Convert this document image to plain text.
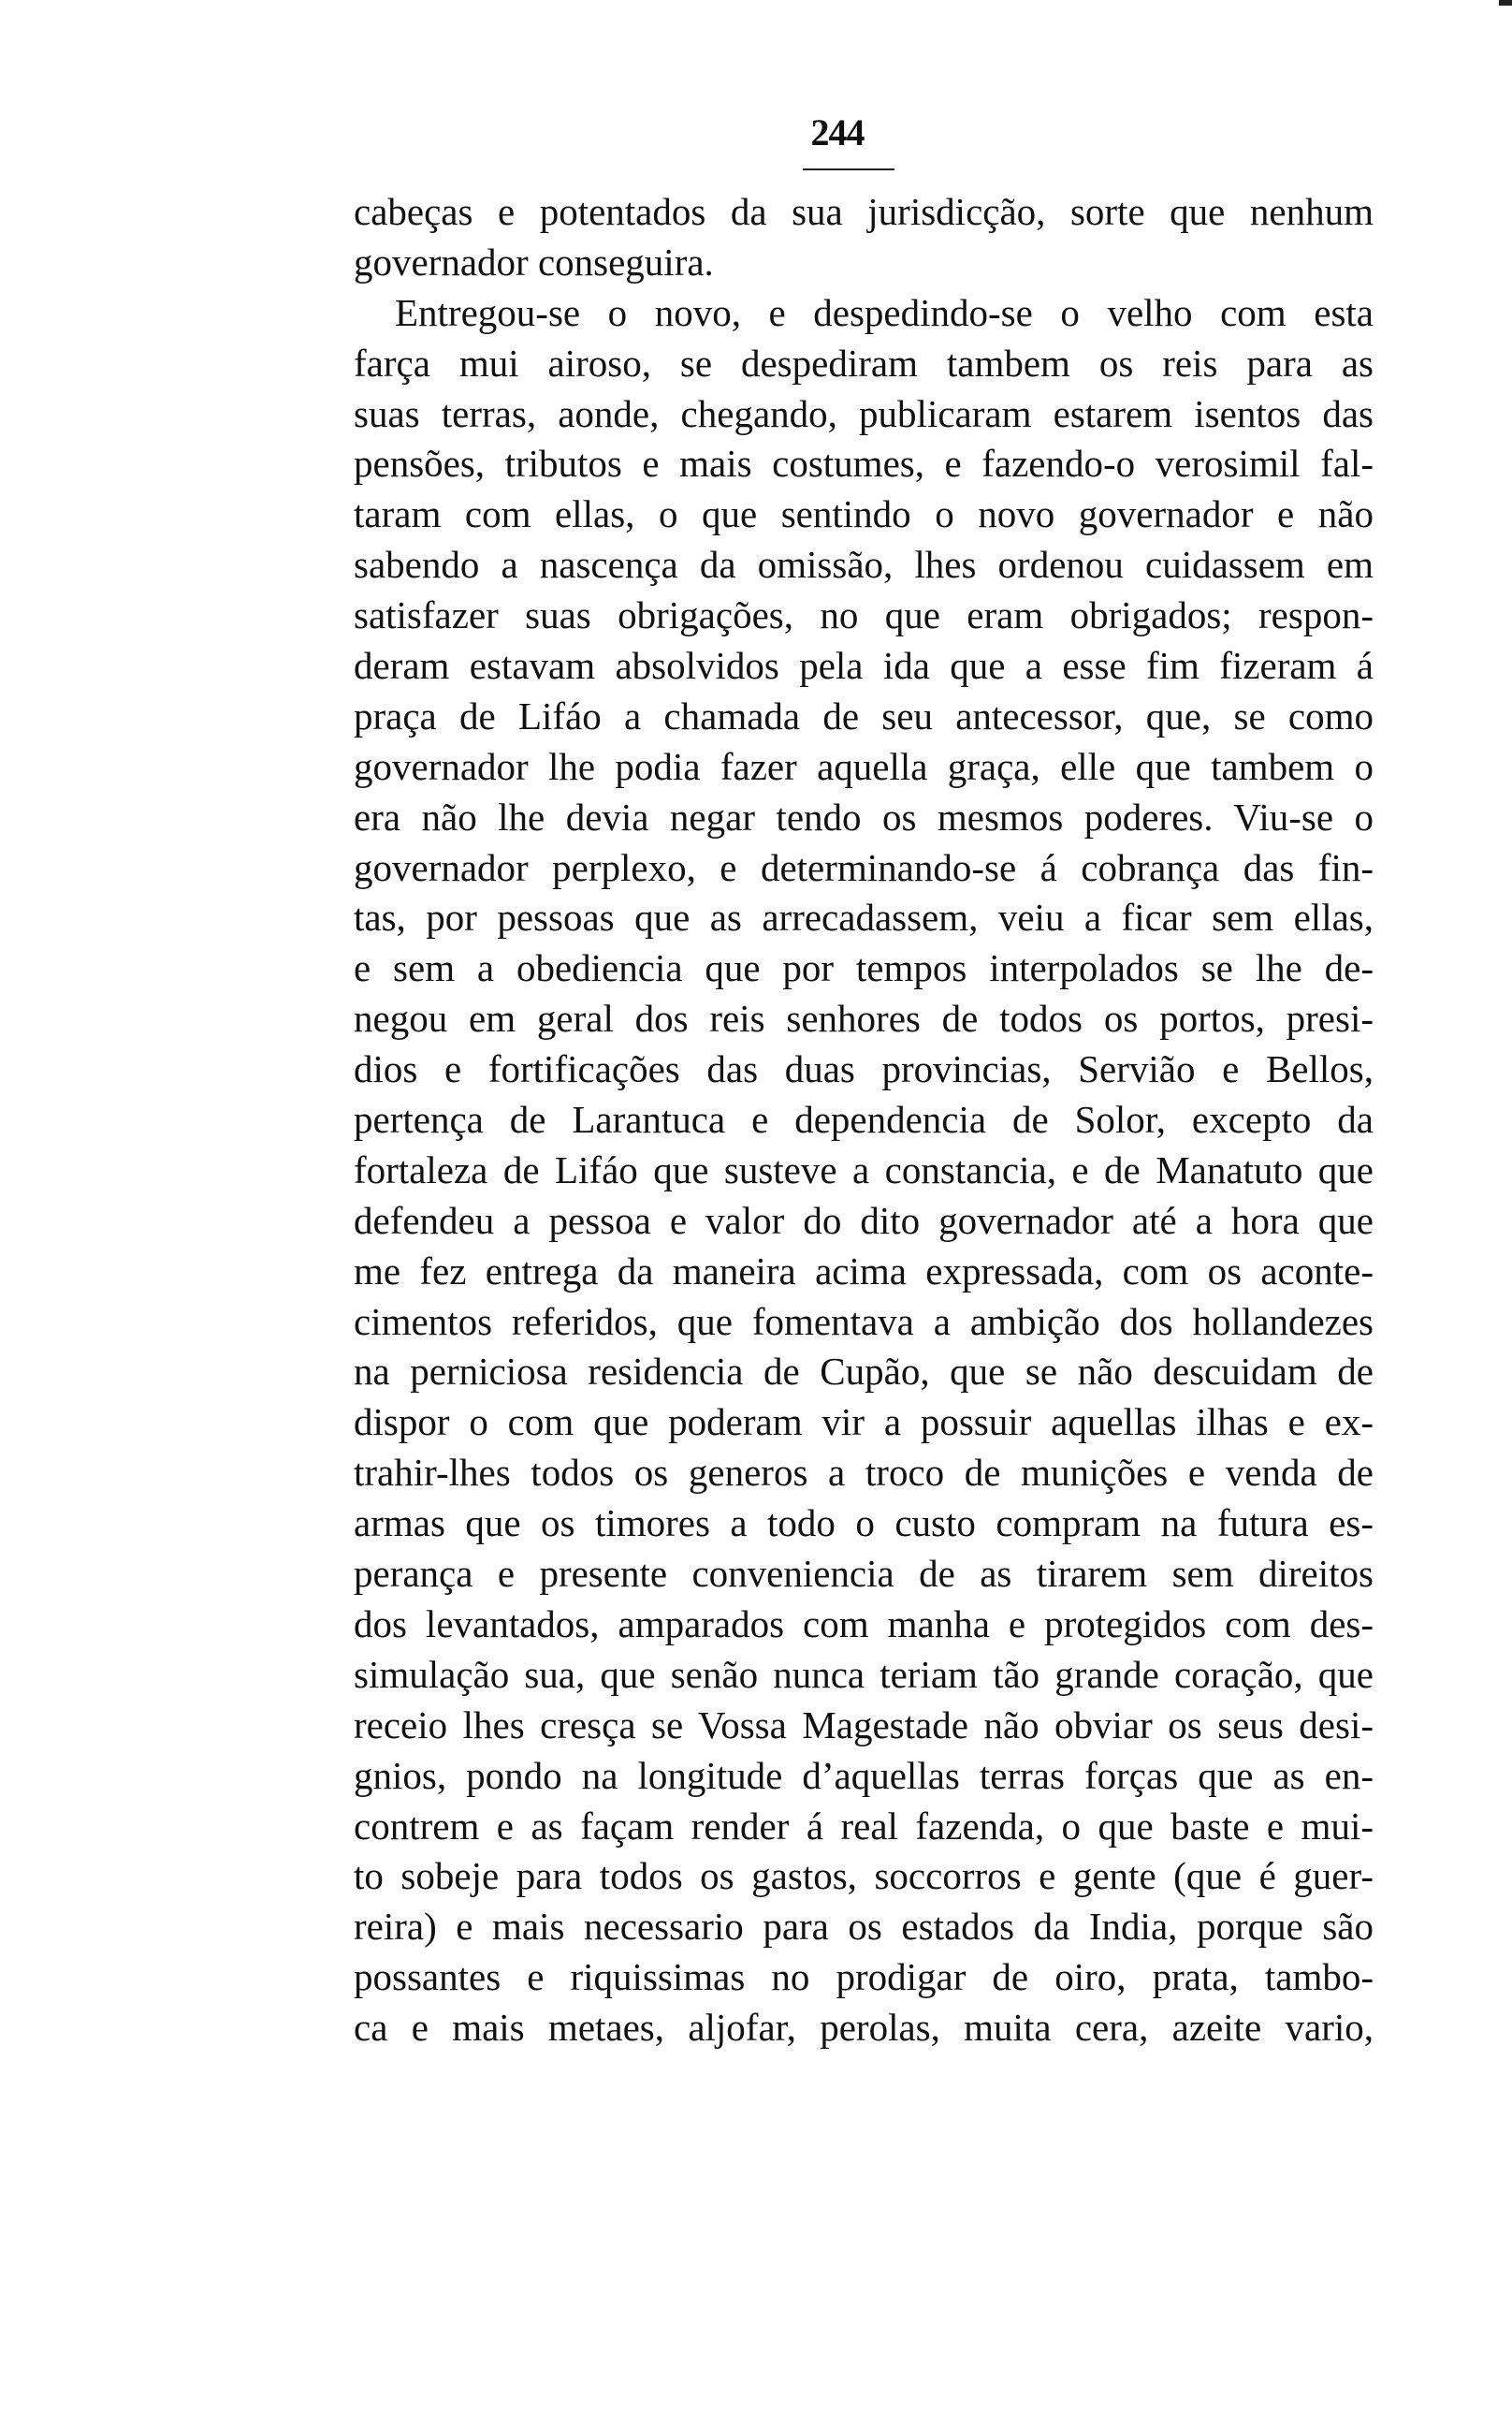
244
cabeças e potentados da sua jurisdicção, sorte que nenhum
governador conseguira.
Entregou-se o novo, e despedindo-se o velho com esta
farça mui airoso, se despediram tambem os reis para as
suas terras, aonde, chegando, publicaram estarem isentos das
pensões, tributos e mais costumes, e fazendo-o verosimil fal-
taram com ellas, o que sentindo o novo governador e não
sabendo a nascença da omissão, lhes ordenou cuidassem em
satisfazer suas obrigações, no que eram obrigados; respon-
deram estavam absolvidos pela ida que a esse fim fizeram á
praça de Lifáo a chamada de seu antecessor, que, se como
governador lhe podia fazer aquella graça, elle que tambem o
era não lhe devia negar tendo os mesmos poderes. Viu-se o
governador perplexo, e determinando-se á cobrança das fin-
tas, por pessoas que as arrecadassem, veiu a ficar sem ellas,
e sem a obediencia que por tempos interpolados se lhe de-
negou em geral dos reis senhores de todos os portos, presi-
dios e fortificações das duas provincias, Servião e Bellos,
pertença de Larantuca e dependencia de Solor, excepto da
fortaleza de Lifáo que susteve a constancia, e de Manatuto que
defendeu a pessoa e valor do dito governador até a hora que
me fez entrega da maneira acima expressada, com os aconte-
cimentos referidos, que fomentava a ambição dos hollandezes
na perniciosa residencia de Cupão, que se não descuidam de
dispor o com que poderam vir a possuir aquellas ilhas e ex-
trahir-lhes todos os generos a troco de munições e venda de
armas que os timores a todo o custo compram na futura es-
perança e presente conveniencia de as tirarem sem direitos
dos levantados, amparados com manha e protegidos com des-
simulação sua, que senão nunca teriam tão grande coração, que
receio lhes cresça se Vossa Magestade não obviar os seus desi-
gnios, pondo na longitude d’aquellas terras forças que as en-
contrem e as façam render á real fazenda, o que baste e mui-
to sobeje para todos os gastos, soccorros e gente (que é guer-
reira) e mais necessario para os estados da India, porque são
possantes e riquissimas no prodigar de oiro, prata, tambo-
ca e mais metaes, aljofar, perolas, muita cera, azeite vario,
